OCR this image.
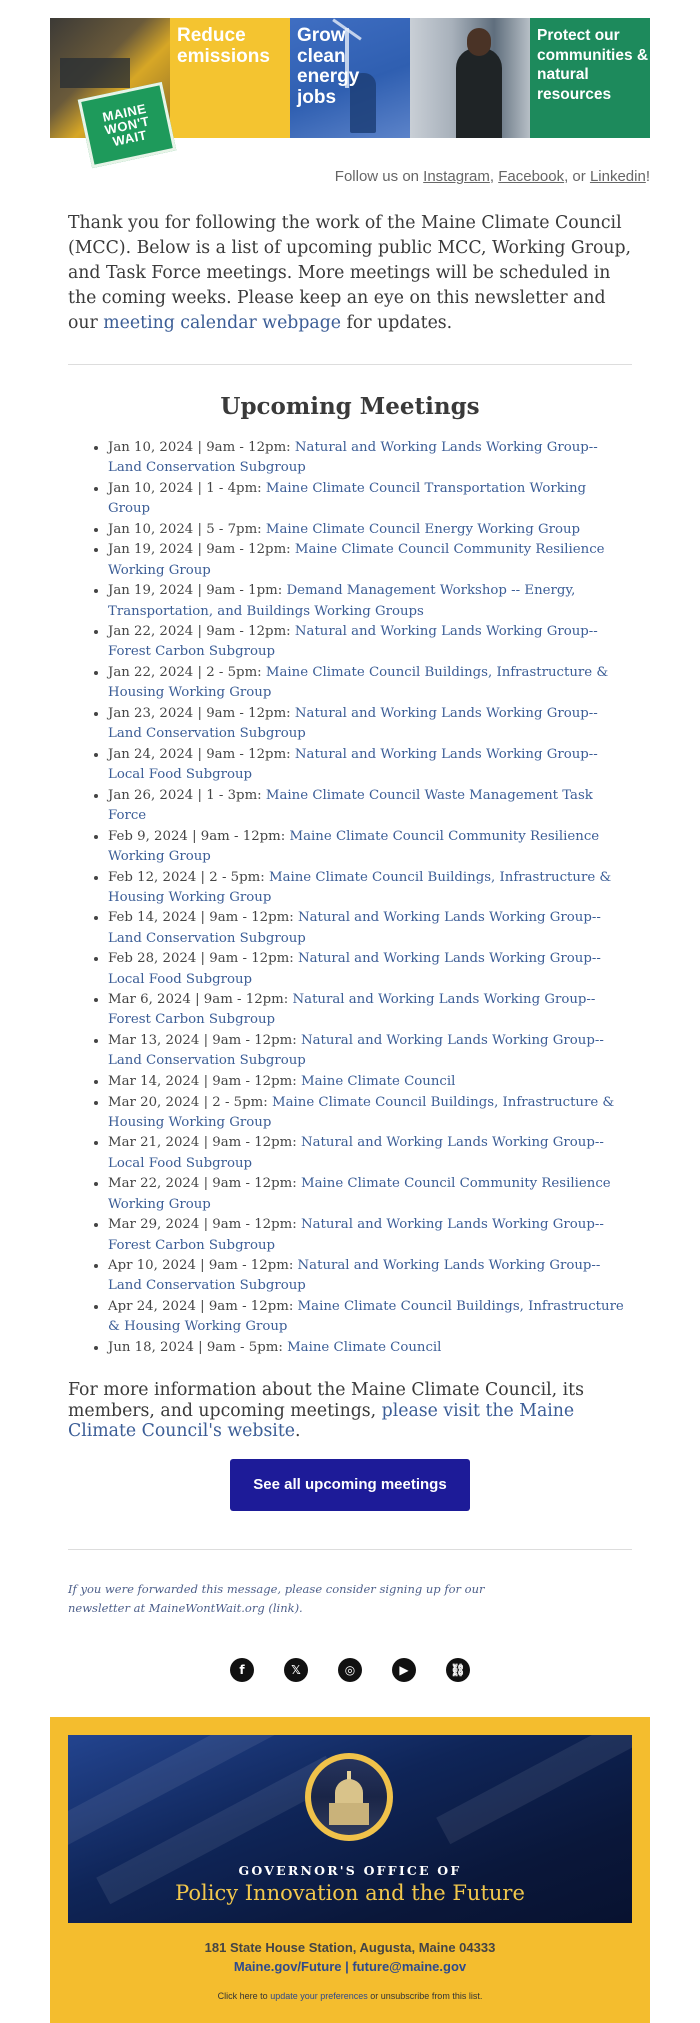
Reduce emissions
Grow clean energy jobs
Protect our communities & natural resources
MAINE WON'T WAIT
Follow us on Instagram, Facebook, or Linkedin!
Thank you for following the work of the Maine Climate Council (MCC). Below is a list of upcoming public MCC, Working Group, and Task Force meetings. More meetings will be scheduled in the coming weeks. Please keep an eye on this newsletter and our meeting calendar webpage for updates.
Upcoming Meetings
• Jan 10, 2024 | 9am - 12pm: Natural and Working Lands Working Group-- Land Conservation Subgroup
• Jan 10, 2024 | 1 - 4pm: Maine Climate Council Transportation Working Group
• Jan 10, 2024 | 5 - 7pm: Maine Climate Council Energy Working Group
• Jan 19, 2024 | 9am - 12pm: Maine Climate Council Community Resilience Working Group
• Jan 19, 2024 | 9am - 1pm: Demand Management Workshop -- Energy, Transportation, and Buildings Working Groups
• Jan 22, 2024 | 9am - 12pm: Natural and Working Lands Working Group-- Forest Carbon Subgroup
• Jan 22, 2024 | 2 - 5pm: Maine Climate Council Buildings, Infrastructure & Housing Working Group
• Jan 23, 2024 | 9am - 12pm: Natural and Working Lands Working Group-- Land Conservation Subgroup
• Jan 24, 2024 | 9am - 12pm: Natural and Working Lands Working Group-- Local Food Subgroup
• Jan 26, 2024 | 1 - 3pm: Maine Climate Council Waste Management Task Force
• Feb 9, 2024 | 9am - 12pm: Maine Climate Council Community Resilience Working Group
• Feb 12, 2024 | 2 - 5pm: Maine Climate Council Buildings, Infrastructure & Housing Working Group
• Feb 14, 2024 | 9am - 12pm: Natural and Working Lands Working Group-- Land Conservation Subgroup
• Feb 28, 2024 | 9am - 12pm: Natural and Working Lands Working Group-- Local Food Subgroup
• Mar 6, 2024 | 9am - 12pm: Natural and Working Lands Working Group-- Forest Carbon Subgroup
• Mar 13, 2024 | 9am - 12pm: Natural and Working Lands Working Group-- Land Conservation Subgroup
• Mar 14, 2024 | 9am - 12pm: Maine Climate Council
• Mar 20, 2024 | 2 - 5pm: Maine Climate Council Buildings, Infrastructure & Housing Working Group
• Mar 21, 2024 | 9am - 12pm: Natural and Working Lands Working Group-- Local Food Subgroup
• Mar 22, 2024 | 9am - 12pm: Maine Climate Council Community Resilience Working Group
• Mar 29, 2024 | 9am - 12pm: Natural and Working Lands Working Group-- Forest Carbon Subgroup
• Apr 10, 2024 | 9am - 12pm: Natural and Working Lands Working Group-- Land Conservation Subgroup
• Apr 24, 2024 | 9am - 12pm: Maine Climate Council Buildings, Infrastructure & Housing Working Group
• Jun 18, 2024 | 9am - 5pm: Maine Climate Council
For more information about the Maine Climate Council, its members, and upcoming meetings, please visit the Maine Climate Council's website.
See all upcoming meetings
If you were forwarded this message, please consider signing up for our newsletter at MaineWontWait.org (link).
f	𝕏	◎	▶	⛓
GOVERNOR'S OFFICE OF
Policy Innovation and the Future
181 State House Station, Augusta, Maine 04333
Maine.gov/Future | future@maine.gov
Click here to update your preferences or unsubscribe from this list.
